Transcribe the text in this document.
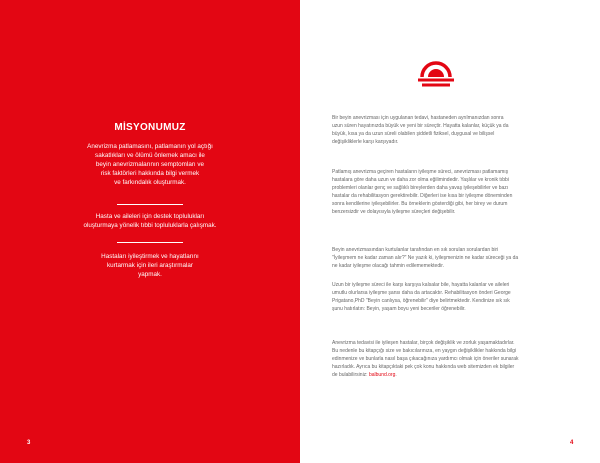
MİSYONUMUZ
Anevrizma patlamasını, patlamanın yol açtığı
sakatlıkları ve ölümü önlemek amacı ile
beyin anevrizmalarının semptomları ve
risk faktörleri hakkında bilgi vermek
ve farkındalık oluşturmak.
Hasta ve aileleri için destek toplulukları
oluşturmaya yönelik tıbbi topluluklarla çalışmak.
Hastaları iyileştirmek ve hayatlarını
kurtarmak için ileri araştırmalar
yapmak.
Bir beyin anevrizması için uygulanan tedavi, hastaneden ayrılmanızdan sonra
uzun süren hayatınızda büyük ve yeni bir süreçtir. Hayatta kalanlar, küçük ya da
büyük, kısa ya da uzun süreli olabilen şiddetli fiziksel, duygusal ve bilişsel
değişikliklerle karşı karşıyadır.
Patlamış anevrizma geçiren hastaların iyileşme süreci, anevrizması patlamamış
hastalara göre daha uzun ve daha zor olma eğilimindedir. Yaşlılar ve kronik tıbbi
problemleri olanlar genç ve sağlıklı bireylerden daha yavaş iyileşebilirler ve bazı
hastalar da rehabilitasyon gerektirebilir. Diğerleri ise kısa bir iyileşme döneminden
sonra kendilerine iyileşebilirler. Bu örneklerin gösterdiği gibi, her birey ve durum
benzersizdir ve dolayısıyla iyileşme süreçleri değişebilir.
Beyin anevrizmasından kurtulanlar tarafından en sık sorulan sorulardan biri
"İyileşmem ne kadar zaman alır?" Ne yazık ki, iyileşmenizin ne kadar süreceği ya da
ne kadar iyileşme olacağı tahmin edilememektedir.
Uzun bir iyileşme süreci ile karşı karşıya kalsalar bile, hayatta kalanlar ve aileleri
umutlu olurlarsa iyileşme şansı daha da artacaktır. Rehabilitasyon önderi George
Prigatano,PhD "Beyin canlıysa, öğrenebilir" diye belirtmektedir. Kendinize sık sık
şunu hatırlatın: Beyin, yaşam boyu yeni beceriler öğrenebilir.
Anevrizma tedavisi ile iyileşen hastalar, birçok değişiklik ve zorluk yaşamaktadırlar.
Bu nedenle bu kitapçığı size ve bakıcılarınıza, en yaygın değişiklikler hakkında bilgi
edinmenize ve bunlarla nasıl başa çıkacağınıza yardımcı olmak için öneriler sunarak
hazırladık. Ayrıca bu kitapçıktaki pek çok konu hakkında web sitemizden ek bilgiler
de bulabilirsiniz: balbund.org.
3	4
